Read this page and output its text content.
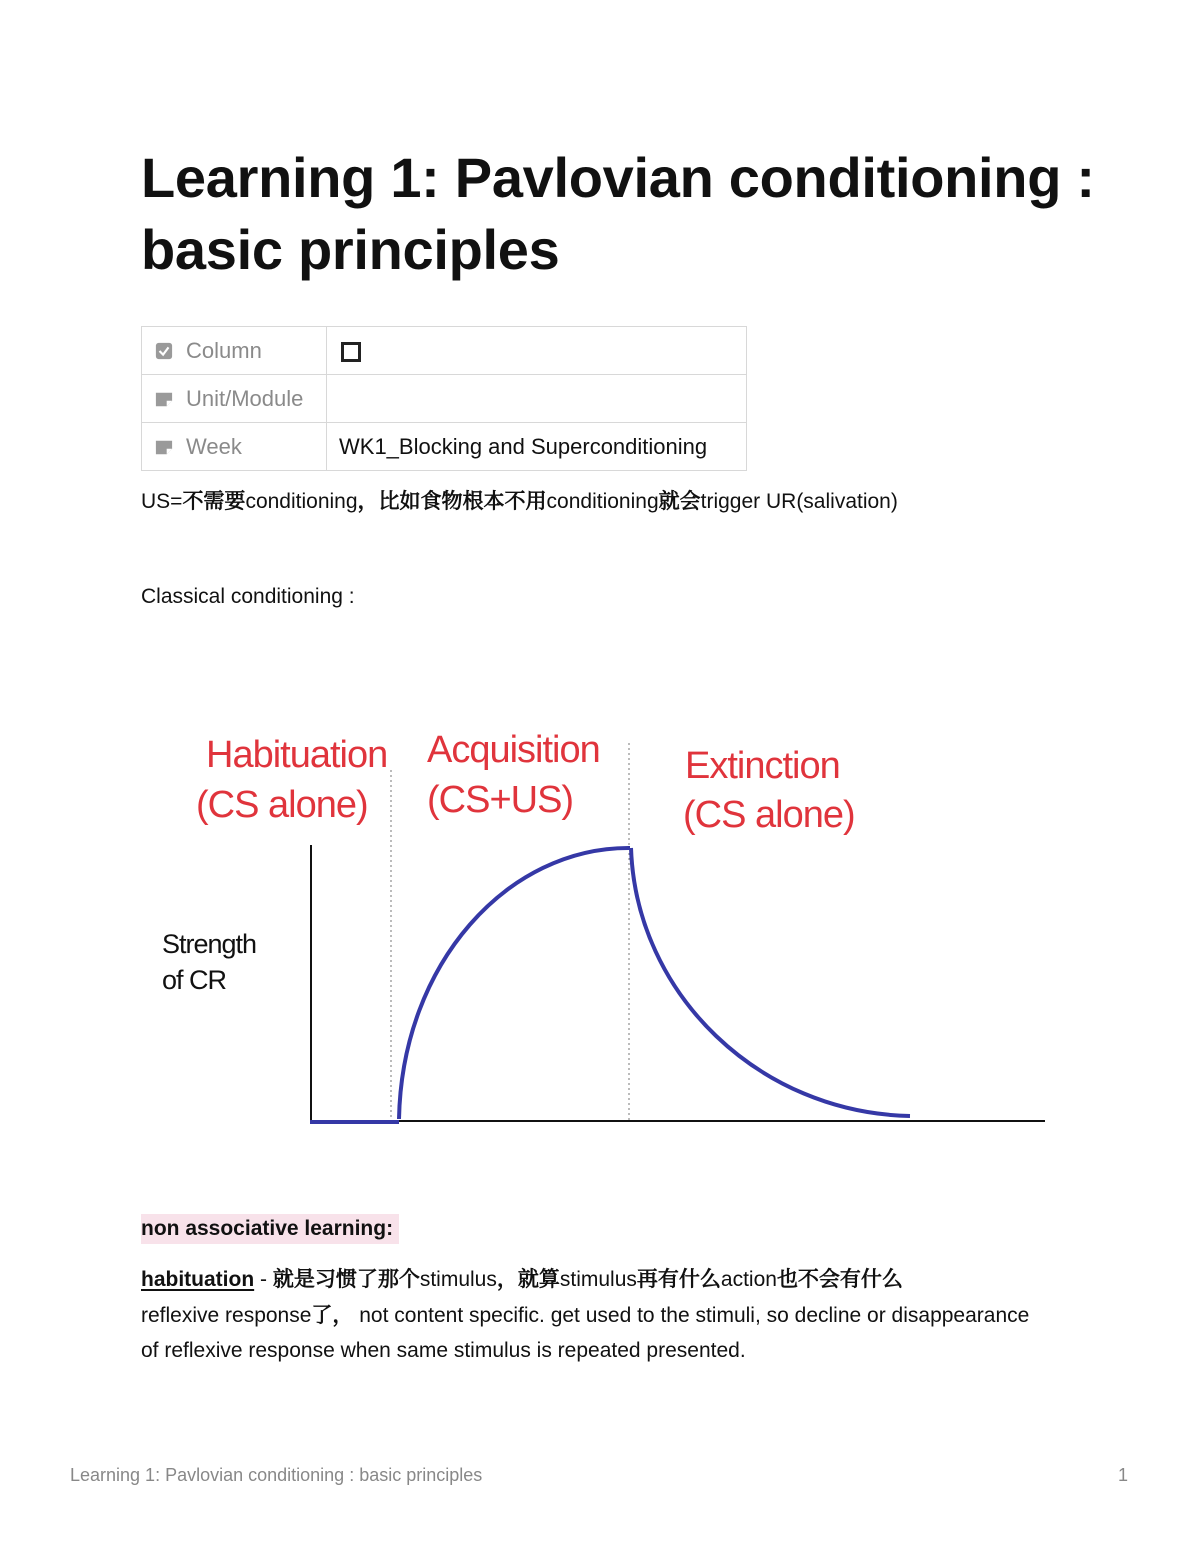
Learning 1: Pavlovian conditioning : basic principles
Column	
Unit/Module	
Week	WK1_Blocking and Superconditioning

US=不需要conditioning，比如食物根本不用conditioning就会trigger UR(salivation)

Classical conditioning :

Habituation
(CS alone)
Acquisition
(CS+US)
Extinction
(CS alone)
Strength
of CR

non associative learning:

habituation - 就是习惯了那个stimulus，就算stimulus再有什么action也不会有什么
reflexive response了， not content specific. get used to the stimuli, so decline or disappearance of reflexive response when same stimulus is repeated presented.

Learning 1: Pavlovian conditioning : basic principles	1
